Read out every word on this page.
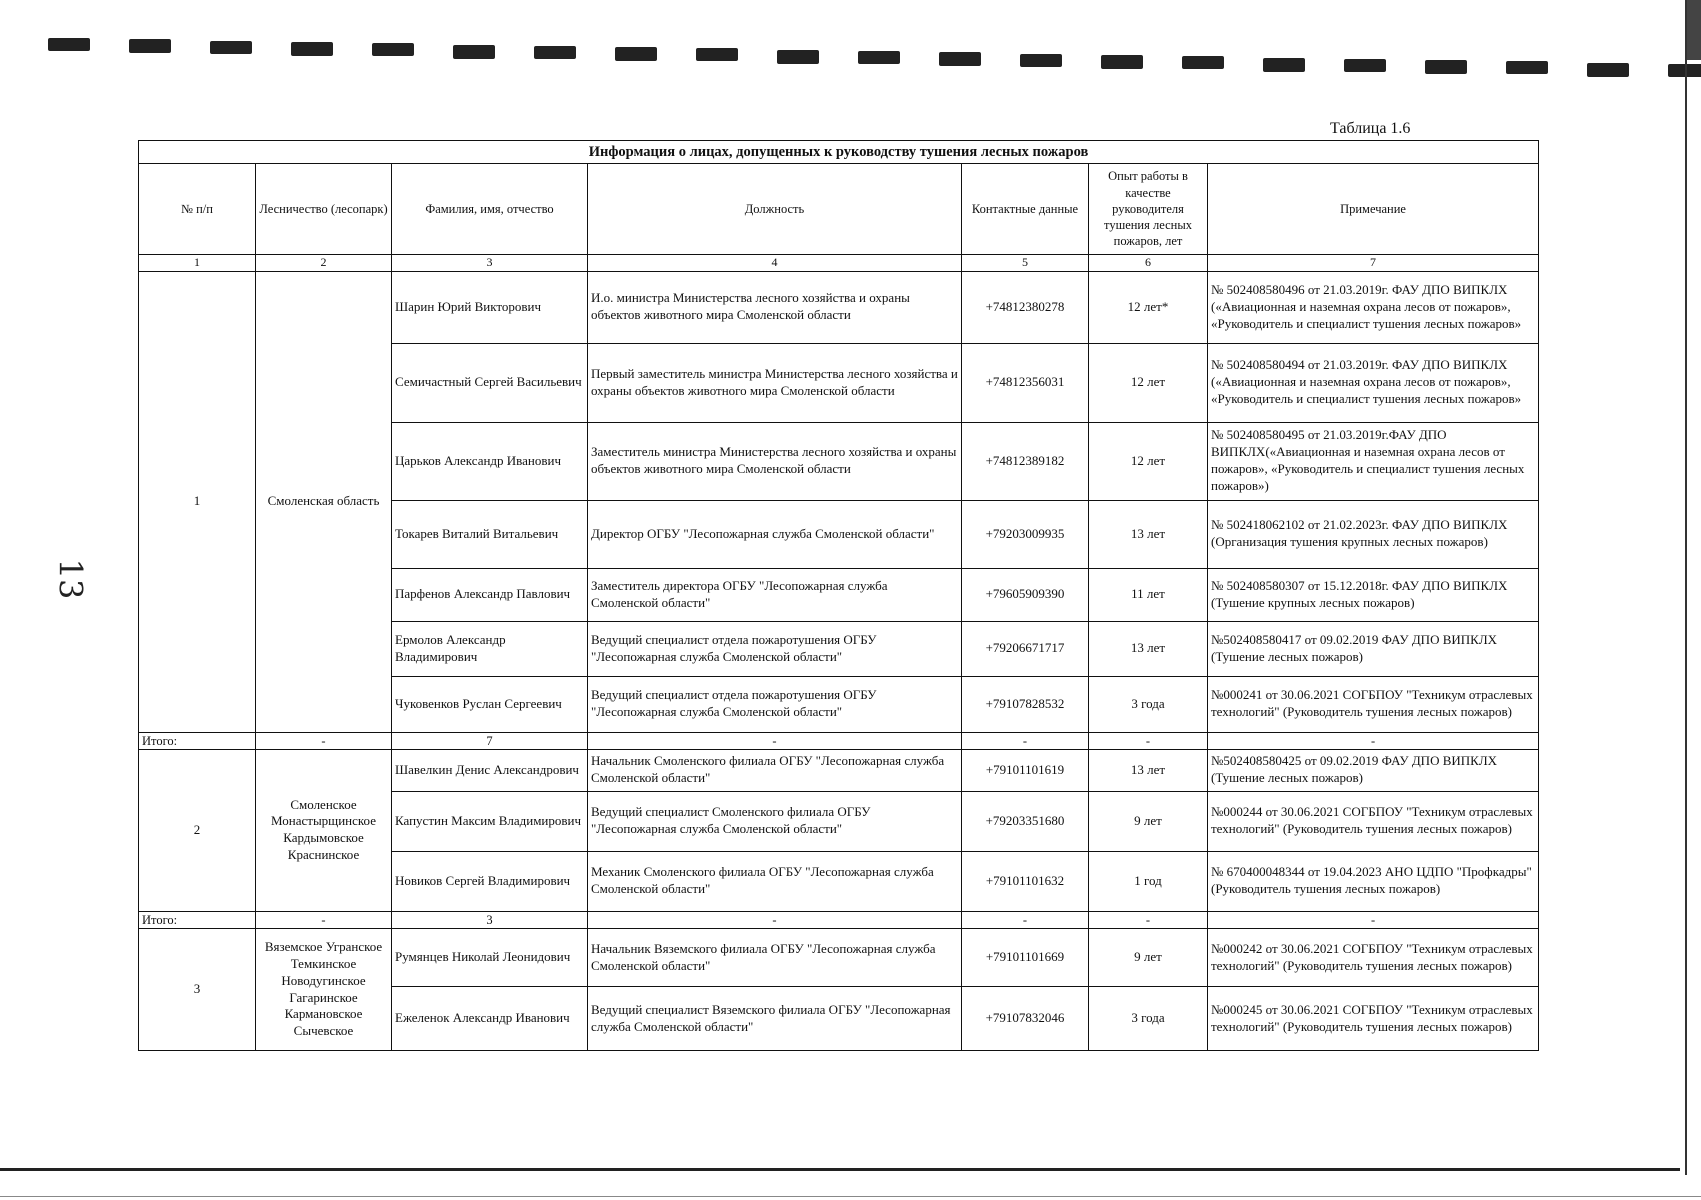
13
Таблица 1.6
Информация о лицах, допущенных к руководству тушения лесных пожаров						
№ п/п	Лесничество (лесопарк)	Фамилия, имя, отчество	Должность	Контактные данные	Опыт работы в качестве руководителя тушения лесных пожаров, лет	Примечание
1	2	3	4	5	6	7
1	Смоленская область	Шарин Юрий Викторович	И.о. министра Министерства лесного хозяйства и охраны объектов животного мира Смоленской области	+74812380278	12 лет*	№ 502408580496 от 21.03.2019г. ФАУ ДПО ВИПКЛХ («Авиационная и наземная охрана лесов от пожаров», «Руководитель и специалист тушения лесных пожаров»
		Семичастный Сергей Васильевич	Первый заместитель министра Министерства лесного хозяйства и охраны объектов животного мира Смоленской области	+74812356031	12 лет	№ 502408580494 от 21.03.2019г. ФАУ ДПО ВИПКЛХ («Авиационная и наземная охрана лесов от пожаров», «Руководитель и специалист тушения лесных пожаров»
		Царьков Александр Иванович	Заместитель министра Министерства лесного хозяйства и охраны объектов животного мира Смоленской области	+74812389182	12 лет	№ 502408580495 от 21.03.2019г.ФАУ ДПО ВИПКЛХ(«Авиационная и наземная охрана лесов от пожаров», «Руководитель и специалист тушения лесных пожаров»)
		Токарев Виталий Витальевич	Директор ОГБУ "Лесопожарная служба Смоленской области"	+79203009935	13 лет	№ 502418062102 от 21.02.2023г. ФАУ ДПО ВИПКЛХ (Организация тушения крупных лесных пожаров)
		Парфенов Александр Павлович	Заместитель директора ОГБУ "Лесопожарная служба Смоленской области"	+79605909390	11 лет	№ 502408580307 от 15.12.2018г. ФАУ ДПО ВИПКЛХ (Тушение крупных лесных пожаров)
		Ермолов Александр Владимирович	Ведущий специалист отдела пожаротушения ОГБУ "Лесопожарная служба Смоленской области"	+79206671717	13 лет	№502408580417 от 09.02.2019 ФАУ ДПО ВИПКЛХ (Тушение лесных пожаров)
		Чуковенков Руслан Сергеевич	Ведущий специалист отдела пожаротушения ОГБУ "Лесопожарная служба Смоленской области"	+79107828532	3 года	№000241 от 30.06.2021 СОГБПОУ "Техникум отраслевых технологий" (Руководитель тушения лесных пожаров)
Итого:	-	7	-	-	-	-
2	Смоленское Монастырщинское Кардымовское Краснинское	Шавелкин Денис Александрович	Начальник Смоленского филиала ОГБУ "Лесопожарная служба Смоленской области"	+79101101619	13 лет	№502408580425 от 09.02.2019 ФАУ ДПО ВИПКЛХ (Тушение лесных пожаров)
		Капустин Максим Владимирович	Ведущий специалист Смоленского филиала ОГБУ "Лесопожарная служба Смоленской области"	+79203351680	9 лет	№000244 от 30.06.2021 СОГБПОУ "Техникум отраслевых технологий" (Руководитель тушения лесных пожаров)
		Новиков Сергей Владимирович	Механик Смоленского филиала ОГБУ "Лесопожарная служба Смоленской области"	+79101101632	1 год	№ 670400048344 от 19.04.2023 АНО ЦДПО "Профкадры" (Руководитель тушения лесных пожаров)
Итого:	-	3	-	-	-	-
3	Вяземское Угранское Темкинское Новодугинское Гагаринское Кармановское Сычевское	Румянцев Николай Леонидович	Начальник Вяземского филиала ОГБУ "Лесопожарная служба Смоленской области"	+79101101669	9 лет	№000242 от 30.06.2021 СОГБПОУ "Техникум отраслевых технологий" (Руководитель тушения лесных пожаров)
		Ежеленок Александр Иванович	Ведущий специалист Вяземского филиала ОГБУ "Лесопожарная служба Смоленской области"	+79107832046	3 года	№000245 от 30.06.2021 СОГБПОУ "Техникум отраслевых технологий" (Руководитель тушения лесных пожаров)
